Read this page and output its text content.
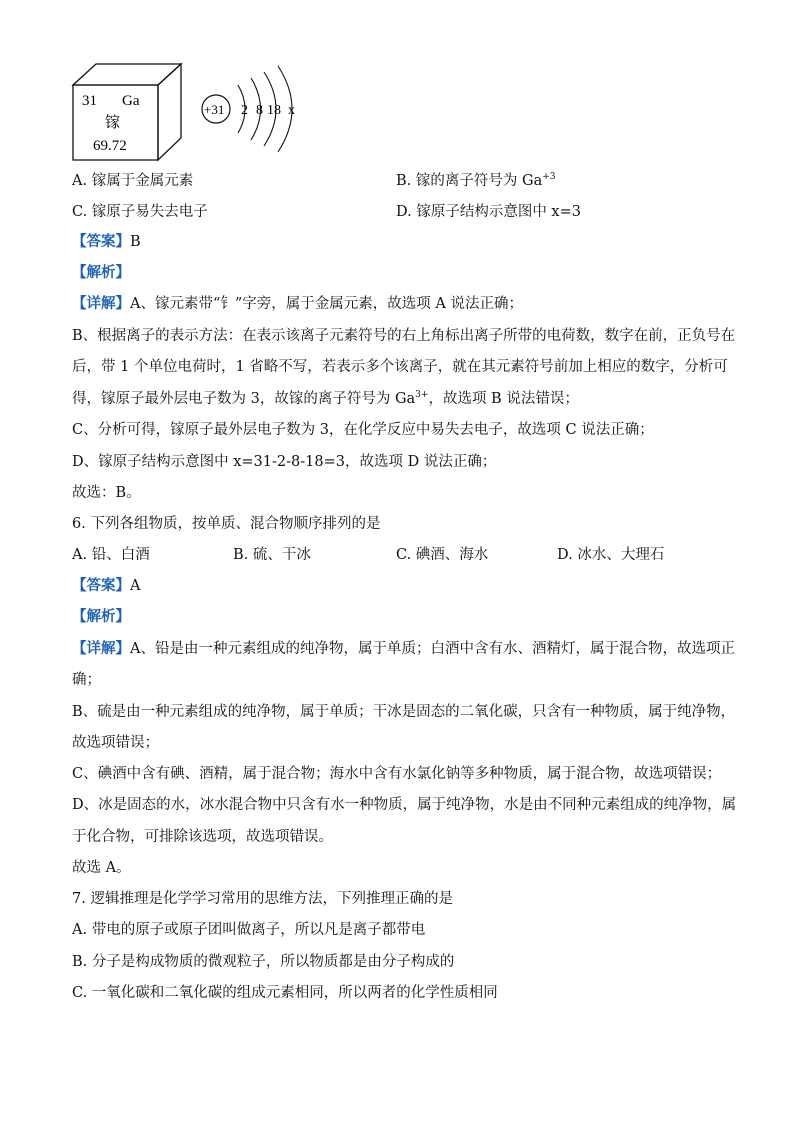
31 Ga
镓
69.72
+31 2 8 18 x
A. 镓属于金属元素	B. 镓的离子符号为 $Ga^{+3}$
C. 镓原子易失去电子	D. 镓原子结构示意图中 x=3
【答案】B
【解析】
【详解】A、镓元素带“钅”字旁，属于金属元素，故选项 A 说法正确；
B、根据离子的表示方法：在表示该离子元素符号的右上角标出离子所带的电荷数，数字在前，正负号在
后，带 1 个单位电荷时，1 省略不写，若表示多个该离子，就在其元素符号前加上相应的数字，分析可
得，镓原子最外层电子数为 3，故镓的离子符号为 $Ga^{3+}$，故选项 B 说法错误；
C、分析可得，镓原子最外层电子数为 3，在化学反应中易失去电子，故选项 C 说法正确；
D、镓原子结构示意图中 x=31-2-8-18=3，故选项 D 说法正确；
故选：B。
6. 下列各组物质，按单质、混合物顺序排列的是
A. 铅、白酒	B. 硫、干冰	C. 碘酒、海水	D. 冰水、大理石
【答案】A
【解析】
【详解】A、铅是由一种元素组成的纯净物，属于单质；白酒中含有水、酒精灯，属于混合物，故选项正
确；
B、硫是由一种元素组成的纯净物，属于单质；干冰是固态的二氧化碳，只含有一种物质，属于纯净物，
故选项错误；
C、碘酒中含有碘、酒精，属于混合物；海水中含有水氯化钠等多种物质，属于混合物，故选项错误；
D、冰是固态的水，冰水混合物中只含有水一种物质，属于纯净物，水是由不同种元素组成的纯净物，属
于化合物，可排除该选项，故选项错误。
故选 A。
7. 逻辑推理是化学学习常用的思维方法，下列推理正确的是
A. 带电的原子或原子团叫做离子，所以凡是离子都带电
B. 分子是构成物质的微观粒子，所以物质都是由分子构成的
C. 一氧化碳和二氧化碳的组成元素相同，所以两者的化学性质相同
